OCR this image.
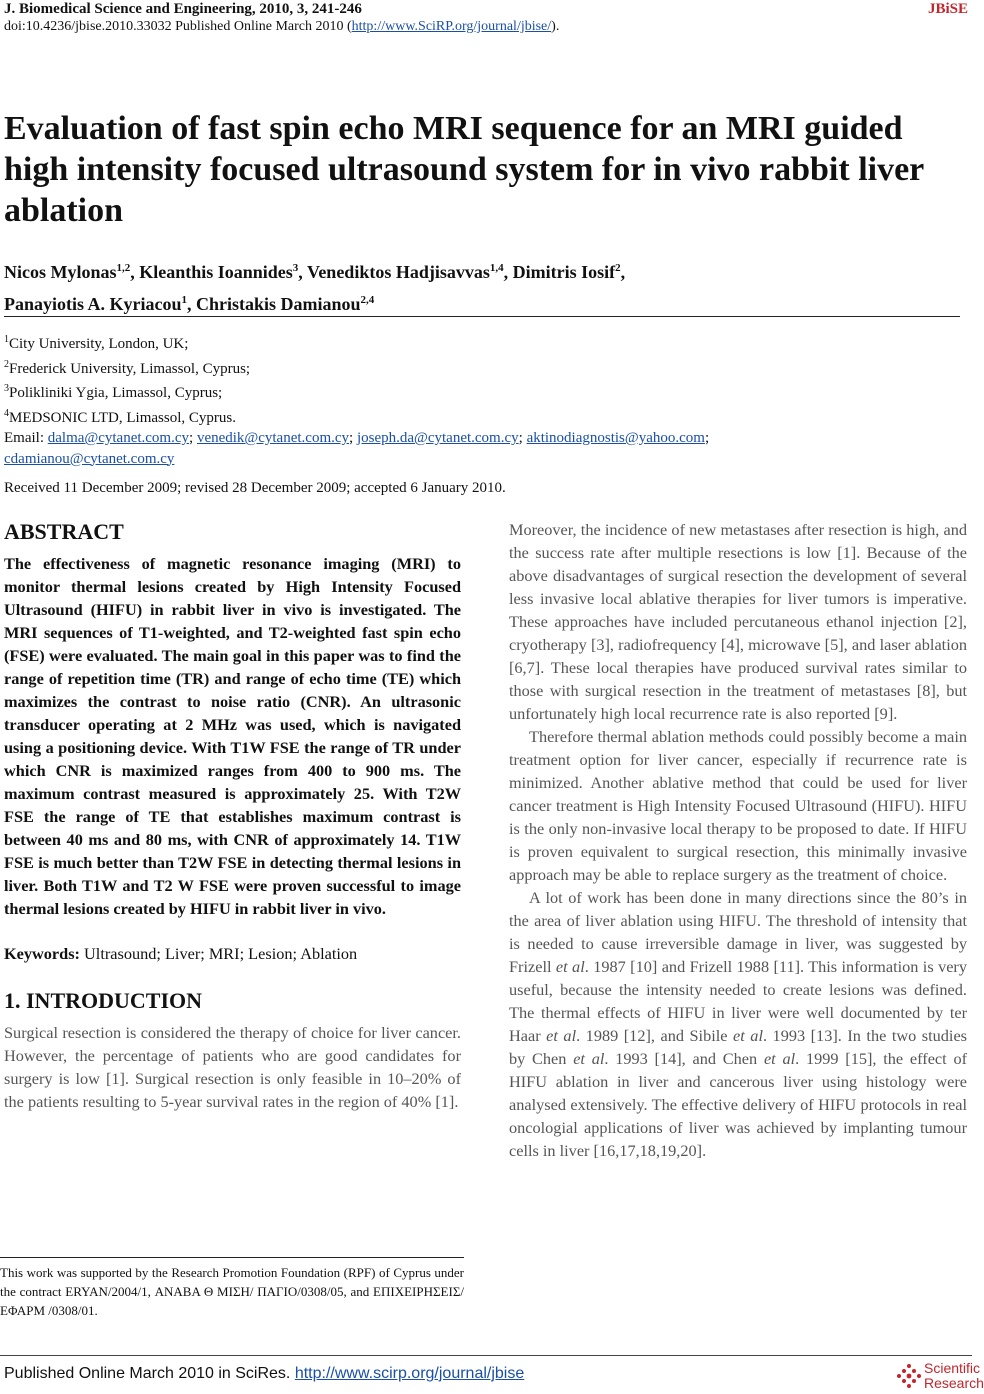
J. Biomedical Science and Engineering, 2010, 3, 241-246	JBiSE
doi:10.4236/jbise.2010.33032 Published Online March 2010 (http://www.SciRP.org/journal/jbise/).
Evaluation of fast spin echo MRI sequence for an MRI guided high intensity focused ultrasound system for in vivo rabbit liver ablation
Nicos Mylonas$^{1,2}$, Kleanthis Ioannides$^3$, Venediktos Hadjisavvas$^{1,4}$, Dimitris Iosif$^2$,
Panayiotis A. Kyriacou$^1$, Christakis Damianou$^{2,4}$
$^1$City University, London, UK;
$^2$Frederick University, Limassol, Cyprus;
$^3$Polikliniki Ygia, Limassol, Cyprus;
$^4$MEDSONIC LTD, Limassol, Cyprus.
Email: dalma@cytanet.com.cy; venedik@cytanet.com.cy; joseph.da@cytanet.com.cy; aktinodiagnostis@yahoo.com;
cdamianou@cytanet.com.cy
Received 11 December 2009; revised 28 December 2009; accepted 6 January 2010.
ABSTRACT

The effectiveness of magnetic resonance imaging (MRI) to monitor thermal lesions created by High Intensity Focused Ultrasound (HIFU) in rabbit liver in vivo is investigated. The MRI sequences of T1-weighted, and T2-weighted fast spin echo (FSE) were evaluated. The main goal in this paper was to find the range of repetition time (TR) and range of echo time (TE) which maximizes the contrast to noise ratio (CNR). An ultrasonic transducer operating at 2 MHz was used, which is navigated using a positioning device. With T1W FSE the range of TR under which CNR is maximized ranges from 400 to 900 ms. The maximum contrast measured is approximately 25. With T2W FSE the range of TE that establishes maximum contrast is between 40 ms and 80 ms, with CNR of approximately 14. T1W FSE is much better than T2W FSE in detecting thermal lesions in liver. Both T1W and T2 W FSE were proven successful to image thermal lesions created by HIFU in rabbit liver in vivo.

Keywords: Ultrasound; Liver; MRI; Lesion; Ablation

1. INTRODUCTION

Surgical resection is considered the therapy of choice for liver cancer. However, the percentage of patients who are good candidates for surgery is low [1]. Surgical resection is only feasible in 10–20% of the patients resulting to 5-year survival rates in the region of 40% [1].

Moreover, the incidence of new metastases after resection is high, and the success rate after multiple resections is low [1]. Because of the above disadvantages of surgical resection the development of several less invasive local ablative therapies for liver tumors is imperative. These approaches have included percutaneous ethanol injection [2], cryotherapy [3], radiofrequency [4], microwave [5], and laser ablation [6,7]. These local therapies have produced survival rates similar to those with surgical resection in the treatment of metastases [8], but unfortunately high local recurrence rate is also reported [9].

Therefore thermal ablation methods could possibly become a main treatment option for liver cancer, especially if recurrence rate is minimized. Another ablative method that could be used for liver cancer treatment is High Intensity Focused Ultrasound (HIFU). HIFU is the only non-invasive local therapy to be proposed to date. If HIFU is proven equivalent to surgical resection, this minimally invasive approach may be able to replace surgery as the treatment of choice.

A lot of work has been done in many directions since the 80’s in the area of liver ablation using HIFU. The threshold of intensity that is needed to cause irreversible damage in liver, was suggested by Frizell et al. 1987 [10] and Frizell 1988 [11]. This information is very useful, because the intensity needed to create lesions was defined. The thermal effects of HIFU in liver were well documented by ter Haar et al. 1989 [12], and Sibile et al. 1993 [13]. In the two studies by Chen et al. 1993 [14], and Chen et al. 1999 [15], the effect of HIFU ablation in liver and cancerous liver using histology were analysed extensively. The effective delivery of HIFU protocols in real oncologial applications of liver was achieved by implanting tumour cells in liver [16,17,18,19,20].

This work was supported by the Research Promotion Foundation (RPF) of Cyprus under the contract ERYAN/2004/1, ΑΝΑΒΑ Θ ΜΙΣΗ/ ΠΑΓΙΟ/0308/05, and ΕΠΙΧΕΙΡΗΣΕΙΣ/ ΕΦΑΡΜ /0308/01.
Published Online March 2010 in SciRes. http://www.scirp.org/journal/jbise	Scientific
Research
